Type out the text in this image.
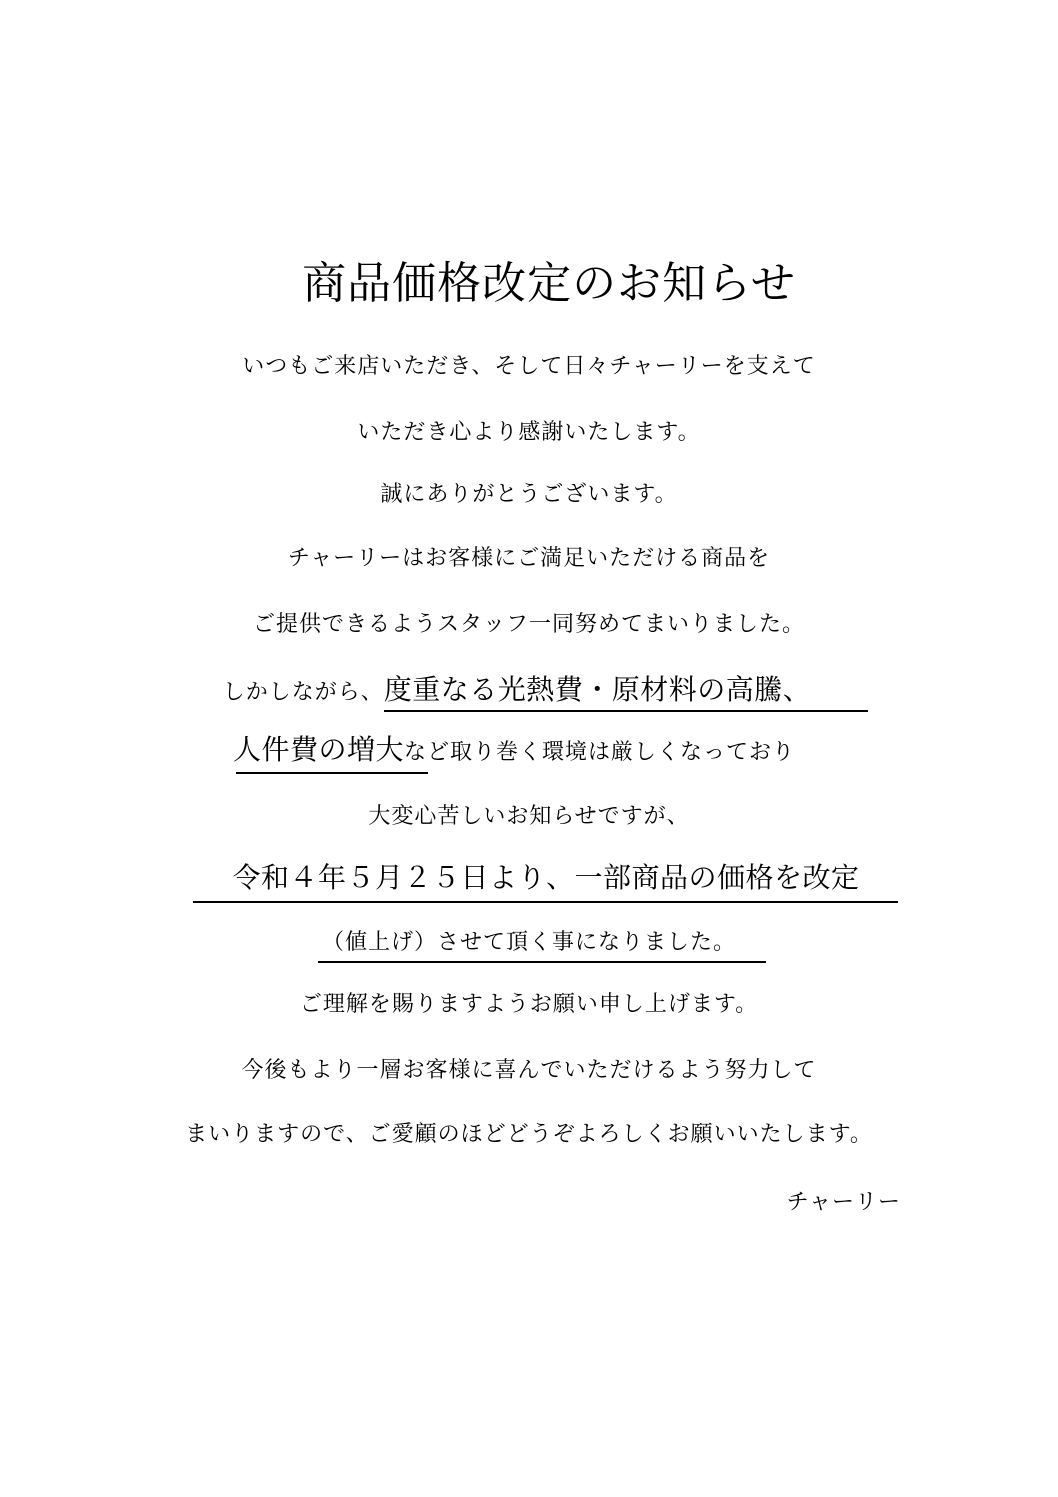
商品価格改定のお知らせ
いつもご来店いただき、そして日々チャーリーを支えて
いただき心より感謝いたします。
誠にありがとうございます。
チャーリーはお客様にご満足いただける商品を
ご提供できるようスタッフ一同努めてまいりました。
しかしながら、度重なる光熱費・原材料の高騰、
人件費の増大など取り巻く環境は厳しくなっており
大変心苦しいお知らせですが、
令和４年５月２５日より、一部商品の価格を改定
（値上げ）させて頂く事になりました。
ご理解を賜りますようお願い申し上げます。
今後もより一層お客様に喜んでいただけるよう努力して
まいりますので、ご愛顧のほどどうぞよろしくお願いいたします。
チャーリー
